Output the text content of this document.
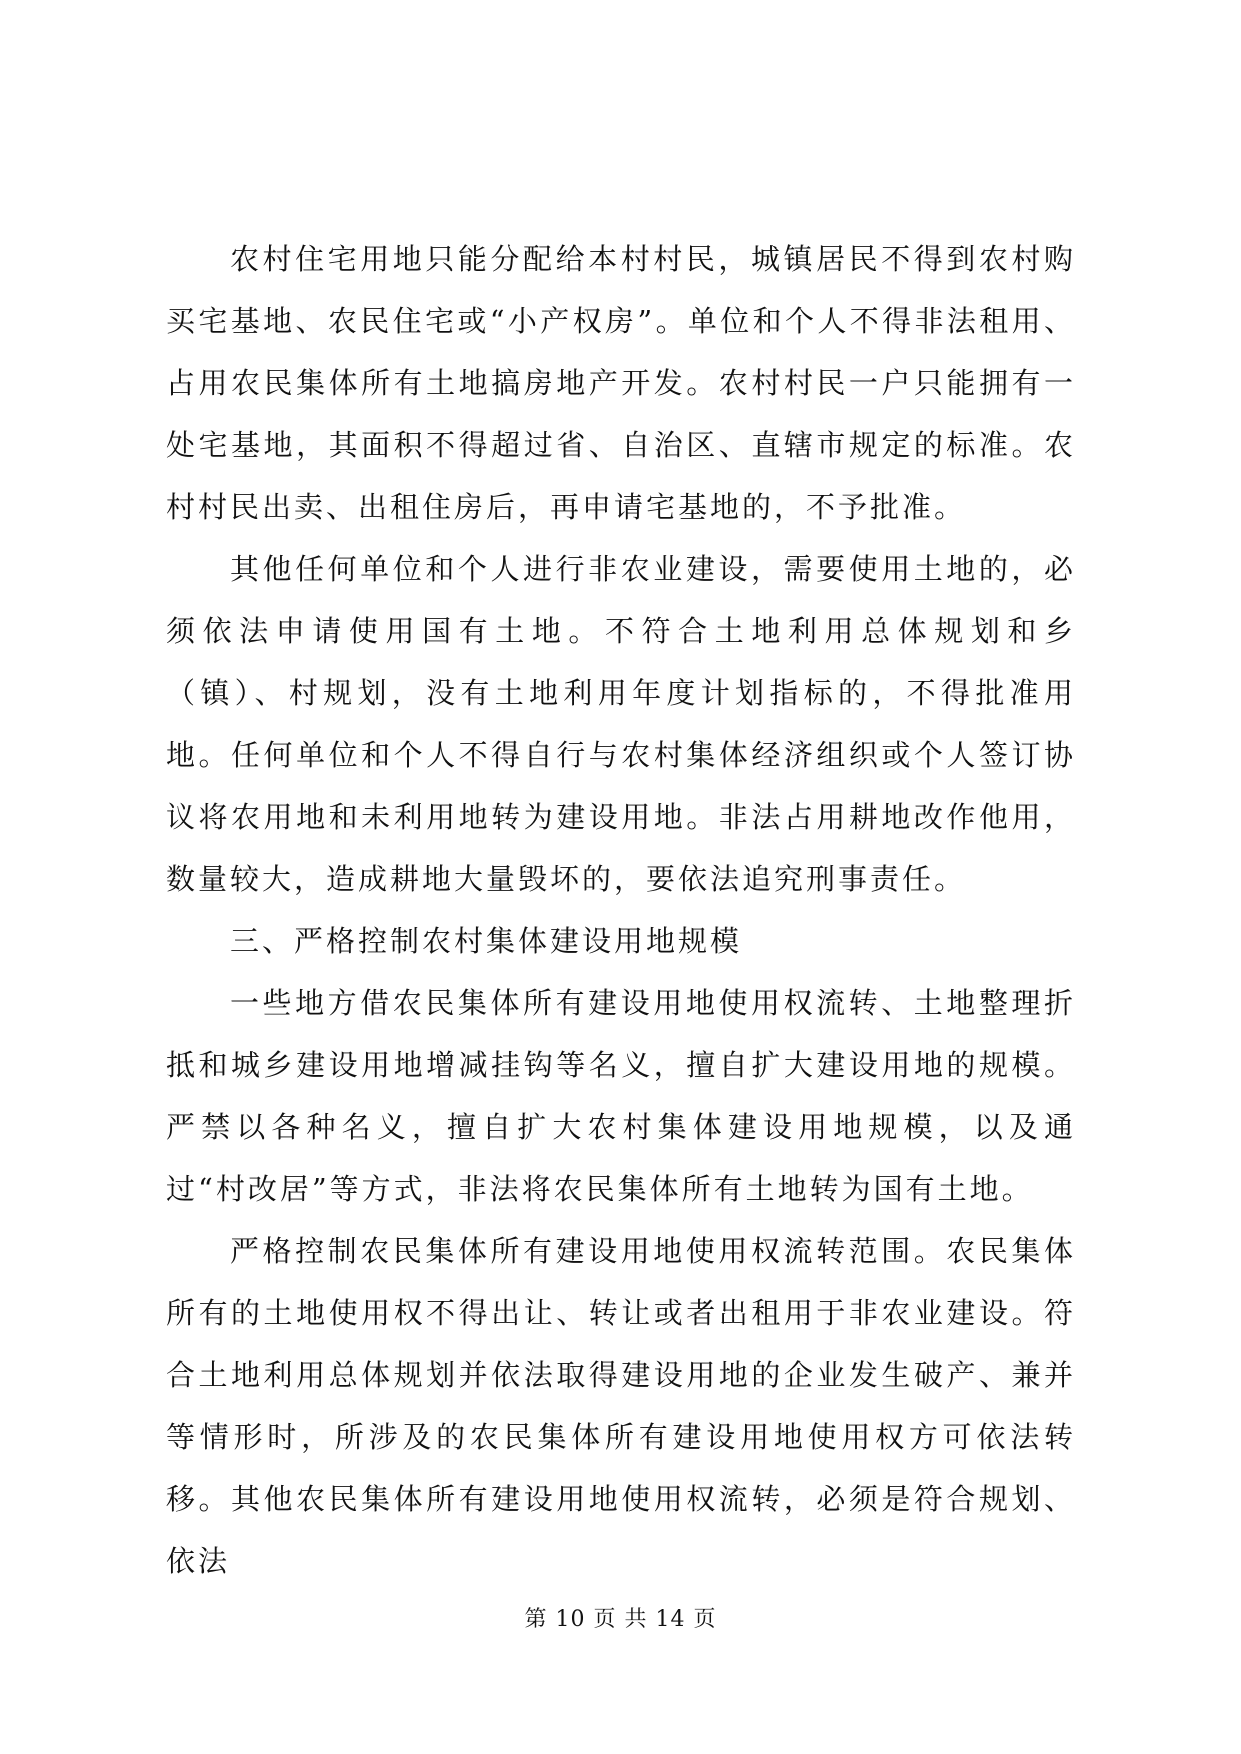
农村住宅用地只能分配给本村村民，城镇居民不得到农村购买宅基地、农民住宅或“小产权房”。单位和个人不得非法租用、占用农民集体所有土地搞房地产开发。农村村民一户只能拥有一处宅基地，其面积不得超过省、自治区、直辖市规定的标准。农村村民出卖、出租住房后，再申请宅基地的，不予批准。

其他任何单位和个人进行非农业建设，需要使用土地的，必须依法申请使用国有土地。不符合土地利用总体规划和乡（镇）、村规划，没有土地利用年度计划指标的，不得批准用地。任何单位和个人不得自行与农村集体经济组织或个人签订协议将农用地和未利用地转为建设用地。非法占用耕地改作他用，数量较大，造成耕地大量毁坏的，要依法追究刑事责任。

三、严格控制农村集体建设用地规模

一些地方借农民集体所有建设用地使用权流转、土地整理折抵和城乡建设用地增减挂钩等名义，擅自扩大建设用地的规模。严禁以各种名义，擅自扩大农村集体建设用地规模，以及通过“村改居”等方式，非法将农民集体所有土地转为国有土地。

严格控制农民集体所有建设用地使用权流转范围。农民集体所有的土地使用权不得出让、转让或者出租用于非农业建设。符合土地利用总体规划并依法取得建设用地的企业发生破产、兼并等情形时，所涉及的农民集体所有建设用地使用权方可依法转移。其他农民集体所有建设用地使用权流转，必须是符合规划、依法

第 10 页 共 14 页
